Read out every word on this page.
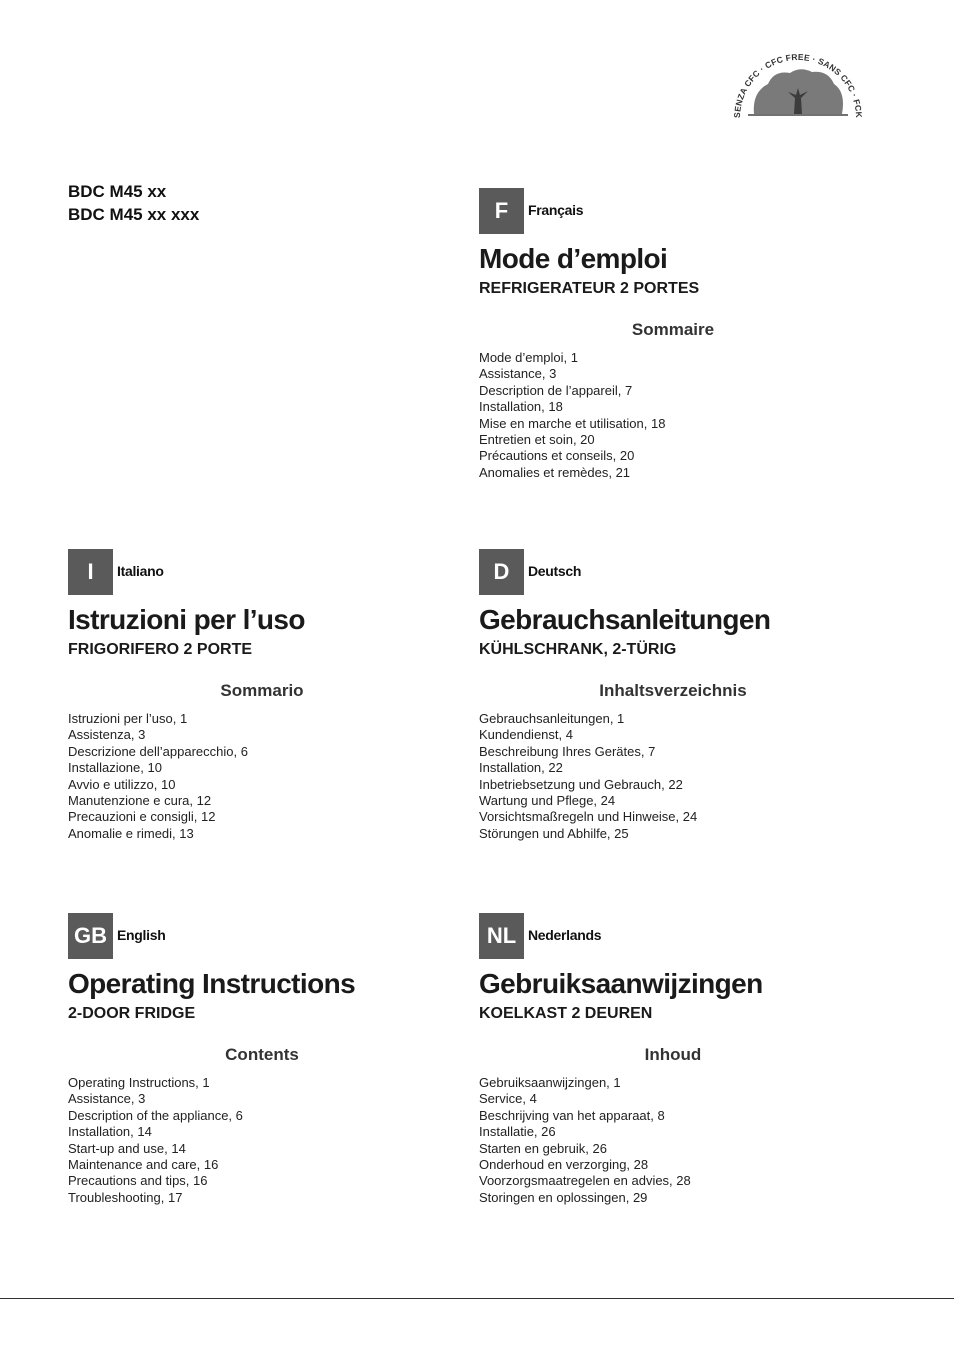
BDC M45 xx
BDC M45 xx xxx
SENZA CFC · CFC FREE · SANS CFC · FCK
F	Français
Mode d’emploi
REFRIGERATEUR 2 PORTES
Sommaire
Mode d’emploi, 1
Assistance, 3
Description de l’appareil, 7
Installation, 18
Mise en marche et utilisation, 18
Entretien et soin, 20
Précautions et conseils, 20
Anomalies et remèdes, 21
I	Italiano
Istruzioni per l’uso
FRIGORIFERO 2 PORTE
Sommario
Istruzioni per l’uso, 1
Assistenza, 3
Descrizione dell’apparecchio, 6
Installazione, 10
Avvio e utilizzo, 10
Manutenzione e cura, 12
Precauzioni e consigli, 12
Anomalie e rimedi, 13
D	Deutsch
Gebrauchsanleitungen
KÜHLSCHRANK, 2-TÜRIG
Inhaltsverzeichnis
Gebrauchsanleitungen, 1
Kundendienst, 4
Beschreibung Ihres Gerätes, 7
Installation, 22
Inbetriebsetzung und Gebrauch, 22
Wartung und Pflege, 24
Vorsichtsmaßregeln und Hinweise, 24
Störungen und Abhilfe, 25
GB English
Operating Instructions
2-DOOR FRIDGE
Contents
Operating Instructions, 1
Assistance, 3
Description of the appliance, 6
Installation, 14
Start-up and use, 14
Maintenance and care, 16
Precautions and tips, 16
Troubleshooting, 17
NL Nederlands
Gebruiksaanwijzingen
KOELKAST 2 DEUREN
Inhoud
Gebruiksaanwijzingen, 1
Service, 4
Beschrijving van het apparaat, 8
Installatie, 26
Starten en gebruik, 26
Onderhoud en verzorging, 28
Voorzorgsmaatregelen en advies, 28
Storingen en oplossingen, 29
